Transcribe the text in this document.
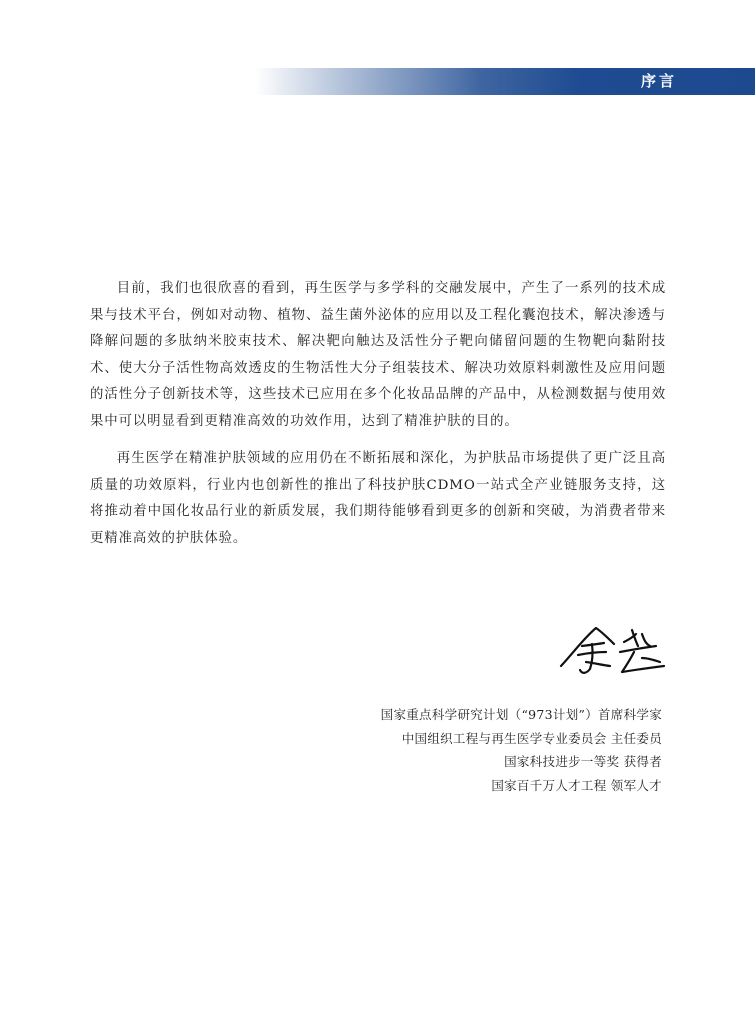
序言

目前，我们也很欣喜的看到，再生医学与多学科的交融发展中，产生了一系列的技术成果与技术平台，例如对动物、植物、益生菌外泌体的应用以及工程化囊泡技术，解决渗透与降解问题的多肽纳米胶束技术、解决靶向触达及活性分子靶向储留问题的生物靶向黏附技术、使大分子活性物高效透皮的生物活性大分子组装技术、解决功效原料刺激性及应用问题的活性分子创新技术等，这些技术已应用在多个化妆品品牌的产品中，从检测数据与使用效果中可以明显看到更精准高效的功效作用，达到了精准护肤的目的。

再生医学在精准护肤领域的应用仍在不断拓展和深化，为护肤品市场提供了更广泛且高质量的功效原料，行业内也创新性的推出了科技护肤CDMO一站式全产业链服务支持，这将推动着中国化妆品行业的新质发展，我们期待能够看到更多的创新和突破，为消费者带来更精准高效的护肤体验。

国家重点科学研究计划（“973计划”）首席科学家
中国组织工程与再生医学专业委员会 主任委员
国家科技进步一等奖 获得者
国家百千万人才工程 领军人才
